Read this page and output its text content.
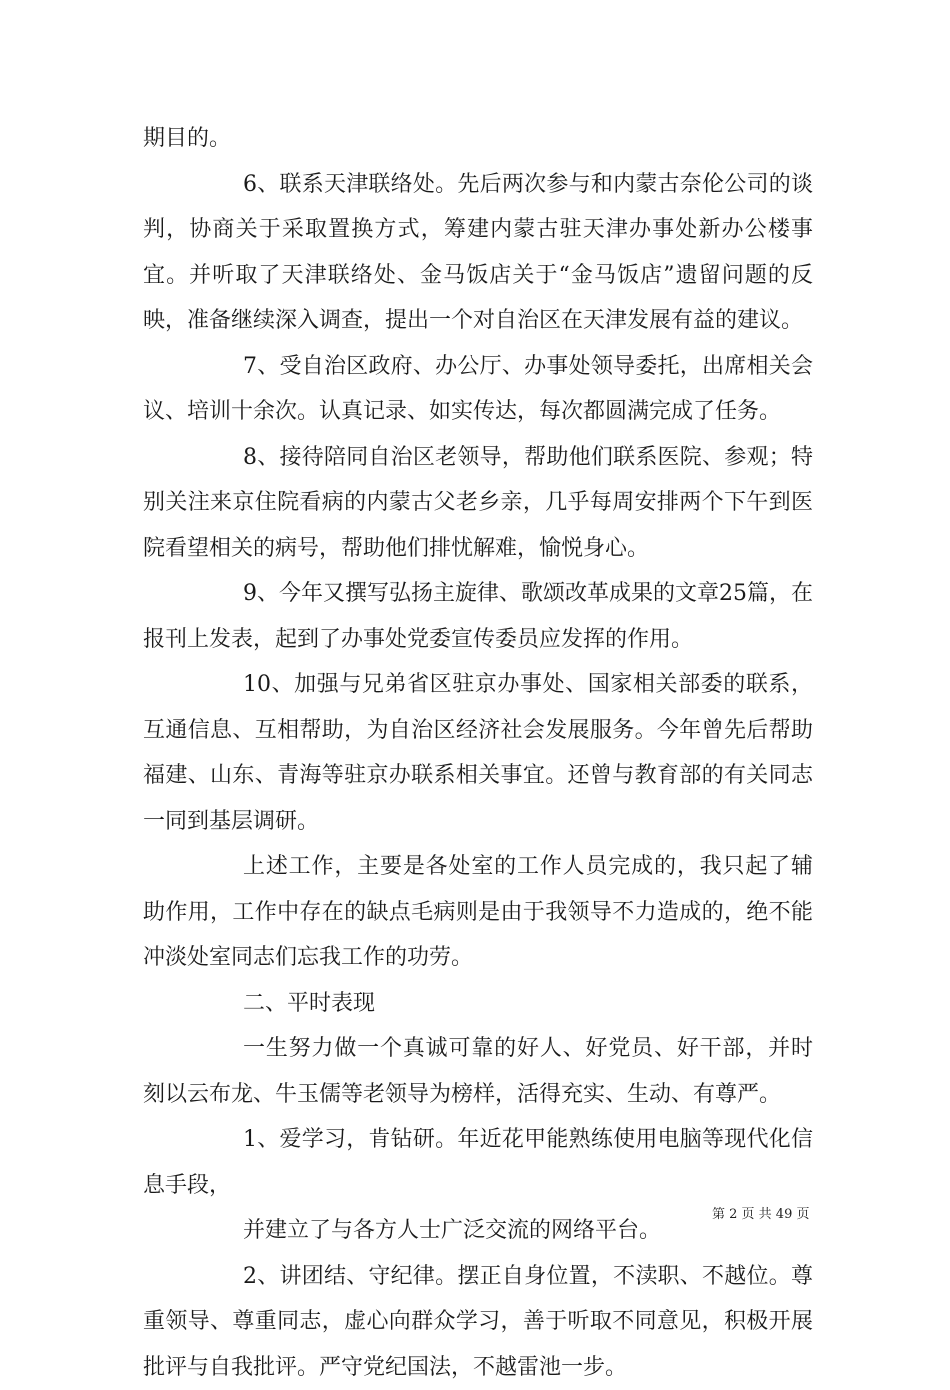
期目的。

6、联系天津联络处。先后两次参与和内蒙古奈伦公司的谈判，协商关于采取置换方式，筹建内蒙古驻天津办事处新办公楼事宜。并听取了天津联络处、金马饭店关于“金马饭店”遗留问题的反映，准备继续深入调查，提出一个对自治区在天津发展有益的建议。

7、受自治区政府、办公厅、办事处领导委托，出席相关会议、培训十余次。认真记录、如实传达，每次都圆满完成了任务。

8、接待陪同自治区老领导，帮助他们联系医院、参观；特别关注来京住院看病的内蒙古父老乡亲，几乎每周安排两个下午到医院看望相关的病号，帮助他们排忧解难，愉悦身心。

9、今年又撰写弘扬主旋律、歌颂改革成果的文章25篇，在报刊上发表，起到了办事处党委宣传委员应发挥的作用。

10、加强与兄弟省区驻京办事处、国家相关部委的联系，互通信息、互相帮助，为自治区经济社会发展服务。今年曾先后帮助福建、山东、青海等驻京办联系相关事宜。还曾与教育部的有关同志一同到基层调研。

上述工作，主要是各处室的工作人员完成的，我只起了辅助作用，工作中存在的缺点毛病则是由于我领导不力造成的，绝不能冲淡处室同志们忘我工作的功劳。

二、平时表现

一生努力做一个真诚可靠的好人、好党员、好干部，并时刻以云布龙、牛玉儒等老领导为榜样，活得充实、生动、有尊严。

1、爱学习，肯钻研。年近花甲能熟练使用电脑等现代化信息手段，

并建立了与各方人士广泛交流的网络平台。

2、讲团结、守纪律。摆正自身位置，不渎职、不越位。尊重领导、尊重同志，虚心向群众学习，善于听取不同意见，积极开展批评与自我批评。严守党纪国法，不越雷池一步。

第 2 页 共 49 页
